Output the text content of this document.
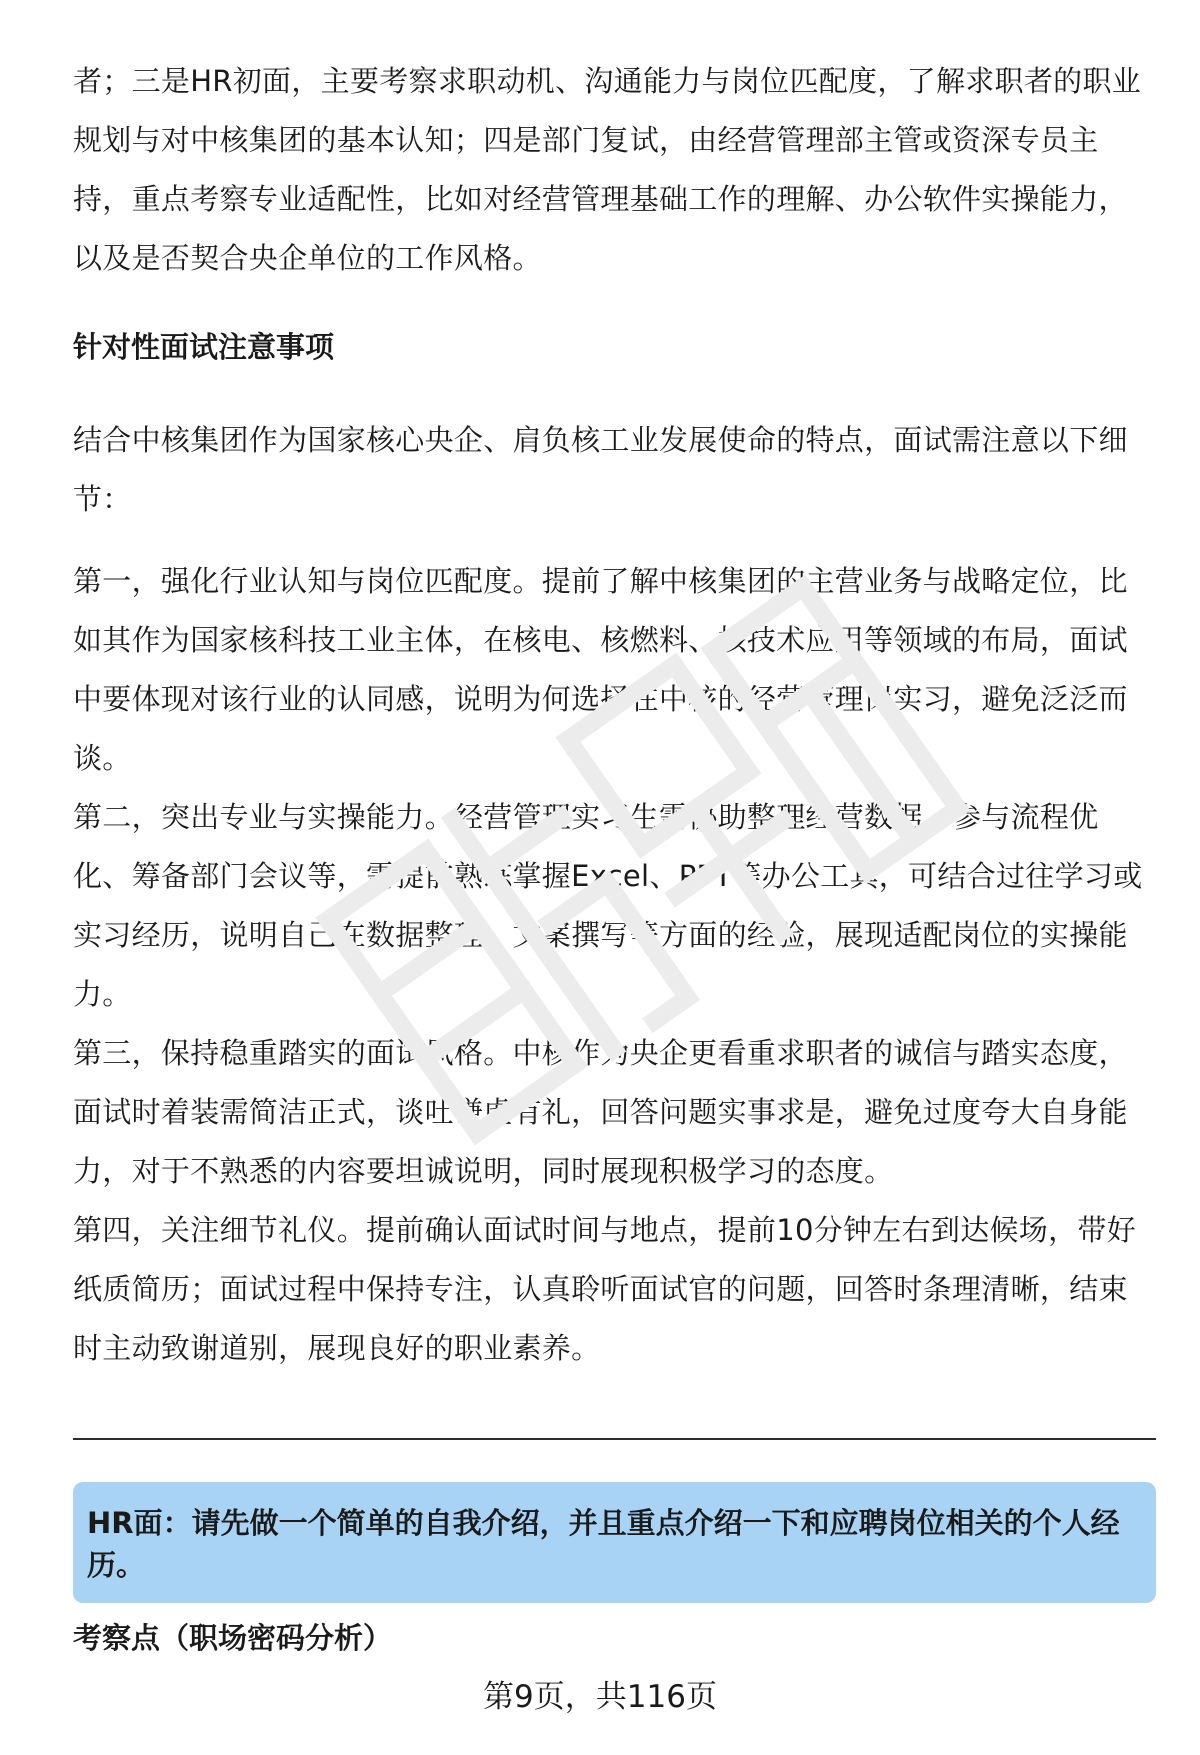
者；三是HR初面，主要考察求职动机、沟通能力与岗位匹配度，了解求职者的职业规划与对中核集团的基本认知；四是部门复试，由经营管理部主管或资深专员主持，重点考察专业适配性，比如对经营管理基础工作的理解、办公软件实操能力，以及是否契合央企单位的工作风格。

针对性面试注意事项

结合中核集团作为国家核心央企、肩负核工业发展使命的特点，面试需注意以下细节：

第一，强化行业认知与岗位匹配度。提前了解中核集团的主营业务与战略定位，比如其作为国家核科技工业主体，在核电、核燃料、核技术应用等领域的布局，面试中要体现对该行业的认同感，说明为何选择在中核的经营管理岗实习，避免泛泛而谈。

第二，突出专业与实操能力。经营管理实习生需协助整理经营数据、参与流程优化、筹备部门会议等，需提前熟练掌握Excel、PPT等办公工具，可结合过往学习或实习经历，说明自己在数据整理、文案撰写等方面的经验，展现适配岗位的实操能力。

第三，保持稳重踏实的面试风格。中核作为央企更看重求职者的诚信与踏实态度，面试时着装需简洁正式，谈吐谦虚有礼，回答问题实事求是，避免过度夸大自身能力，对于不熟悉的内容要坦诚说明，同时展现积极学习的态度。

第四，关注细节礼仪。提前确认面试时间与地点，提前10分钟左右到达候场，带好纸质简历；面试过程中保持专注，认真聆听面试官的问题，回答时条理清晰，结束时主动致谢道别，展现良好的职业素养。

HR面：请先做一个简单的自我介绍，并且重点介绍一下和应聘岗位相关的个人经历。

考察点（职场密码分析）

第9页，共116页
